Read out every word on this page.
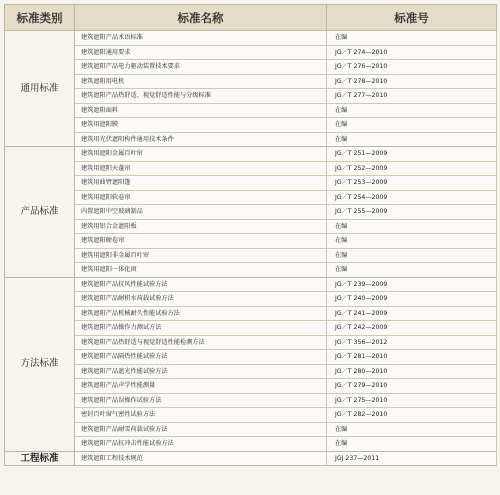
标准类别	标准名称	标准号
通用标准	建筑遮阳产品术语标准	在编
	建筑遮阳通用要求	JG／T 274—2010
	建筑遮阳产品电力驱动装置技术要求	JG／T 276—2010
	建筑遮阳用电机	JG／T 278—2010
	建筑遮阳产品热舒适、视觉舒适性能与分级标准	JG／T 277—2010
	建筑遮阳面料	在编
	建筑用遮阳膜	在编
	建筑用光伏遮阳构件通用技术条件	在编
产品标准	建筑用遮阳金属百叶帘	JG／T 251—2009
	建筑用遮阳天蓬帘	JG／T 252—2009
	建筑用曲臂遮阳篷	JG／T 253—2009
	建筑用遮阳软卷帘	JG／T 254—2009
	内置遮阳中空玻璃制品	JG／T 255—2009
	建筑用铝合金遮阳板	在编
	建筑遮阳硬卷帘	在编
	建筑用遮阳非金属百叶帘	在编
	建筑用遮阳一体化窗	在编
方法标准	建筑遮阳产品抗风性能试验方法	JG／T 239—2009
	建筑遮阳产品耐积水荷载试验方法	JG／T 240—2009
	建筑遮阳产品机械耐久性能试验方法	JG／T 241—2009
	建筑遮阳产品操作力测试方法	JG／T 242—2009
	建筑遮阳产品热舒适与视觉舒适性能检测方法	JG／T 356—2012
	建筑遮阳产品隔热性能试验方法	JG／T 281—2010
	建筑遮阳产品遮光性能试验方法	JG／T 280—2010
	建筑遮阳产品声学性能测量	JG／T 279—2010
	建筑遮阳产品误操作试验方法	JG／T 275—2010
	密封百叶窗气密性试验方法	JG／T 282—2010
	建筑遮阳产品耐雪荷载试验方法	在编
	建筑遮阳产品抗冲击性能试验方法	在编
工程标准	建筑遮阳工程技术规范	JGJ 237—2011
